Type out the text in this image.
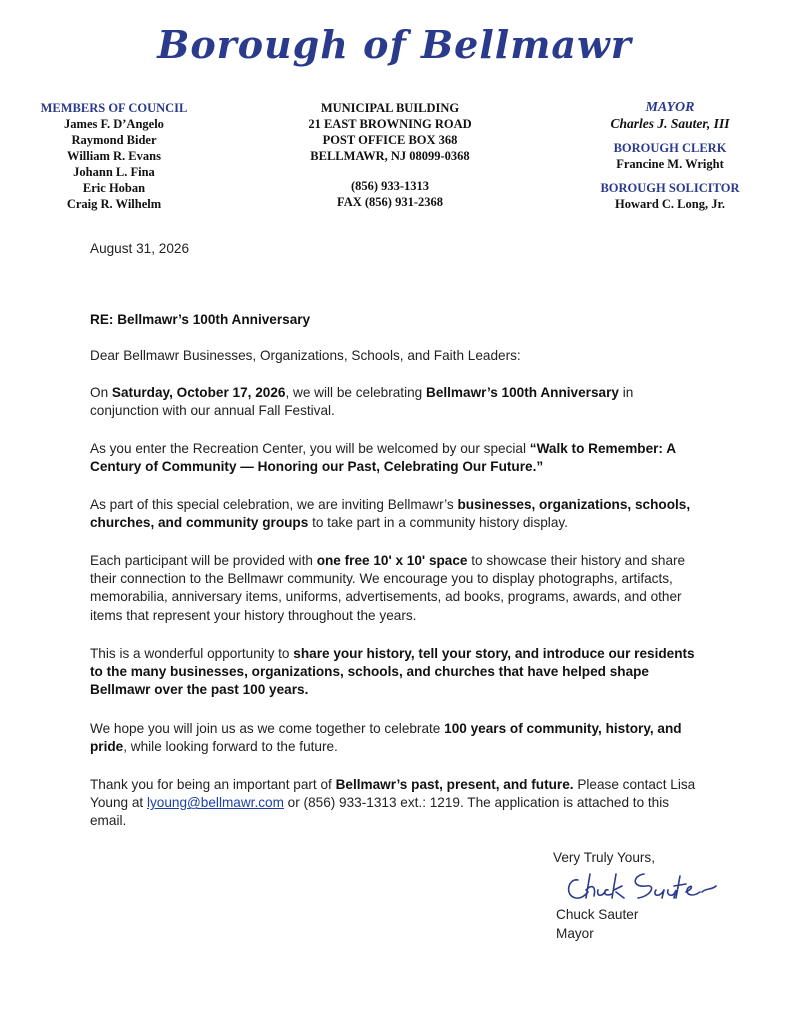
Borough of Bellmawr
MEMBERS OF COUNCIL
James F. D’Angelo
Raymond Bider
William R. Evans
Johann L. Fina
Eric Hoban
Craig R. Wilhelm
MUNICIPAL BUILDING
21 EAST BROWNING ROAD
POST OFFICE BOX 368
BELLMAWR, NJ 08099-0368
(856) 933-1313
FAX (856) 931-2368
MAYOR
Charles J. Sauter, III
BOROUGH CLERK
Francine M. Wright
BOROUGH SOLICITOR
Howard C. Long, Jr.
August 31, 2026
RE: Bellmawr’s 100th Anniversary
Dear Bellmawr Businesses, Organizations, Schools, and Faith Leaders:

On Saturday, October 17, 2026, we will be celebrating Bellmawr’s 100th Anniversary in conjunction with our annual Fall Festival.

As you enter the Recreation Center, you will be welcomed by our special “Walk to Remember: A Century of Community — Honoring our Past, Celebrating Our Future.”

As part of this special celebration, we are inviting Bellmawr’s businesses, organizations, schools, churches, and community groups to take part in a community history display.

Each participant will be provided with one free 10' x 10' space to showcase their history and share their connection to the Bellmawr community. We encourage you to display photographs, artifacts, memorabilia, anniversary items, uniforms, advertisements, ad books, programs, awards, and other items that represent your history throughout the years.

This is a wonderful opportunity to share your history, tell your story, and introduce our residents to the many businesses, organizations, schools, and churches that have helped shape Bellmawr over the past 100 years.

We hope you will join us as we come together to celebrate 100 years of community, history, and pride, while looking forward to the future.

Thank you for being an important part of Bellmawr’s past, present, and future. Please contact Lisa Young at lyoung@bellmawr.com or (856) 933-1313 ext.: 1219. The application is attached to this email.

Very Truly Yours,
Chuck Sauter
Mayor
